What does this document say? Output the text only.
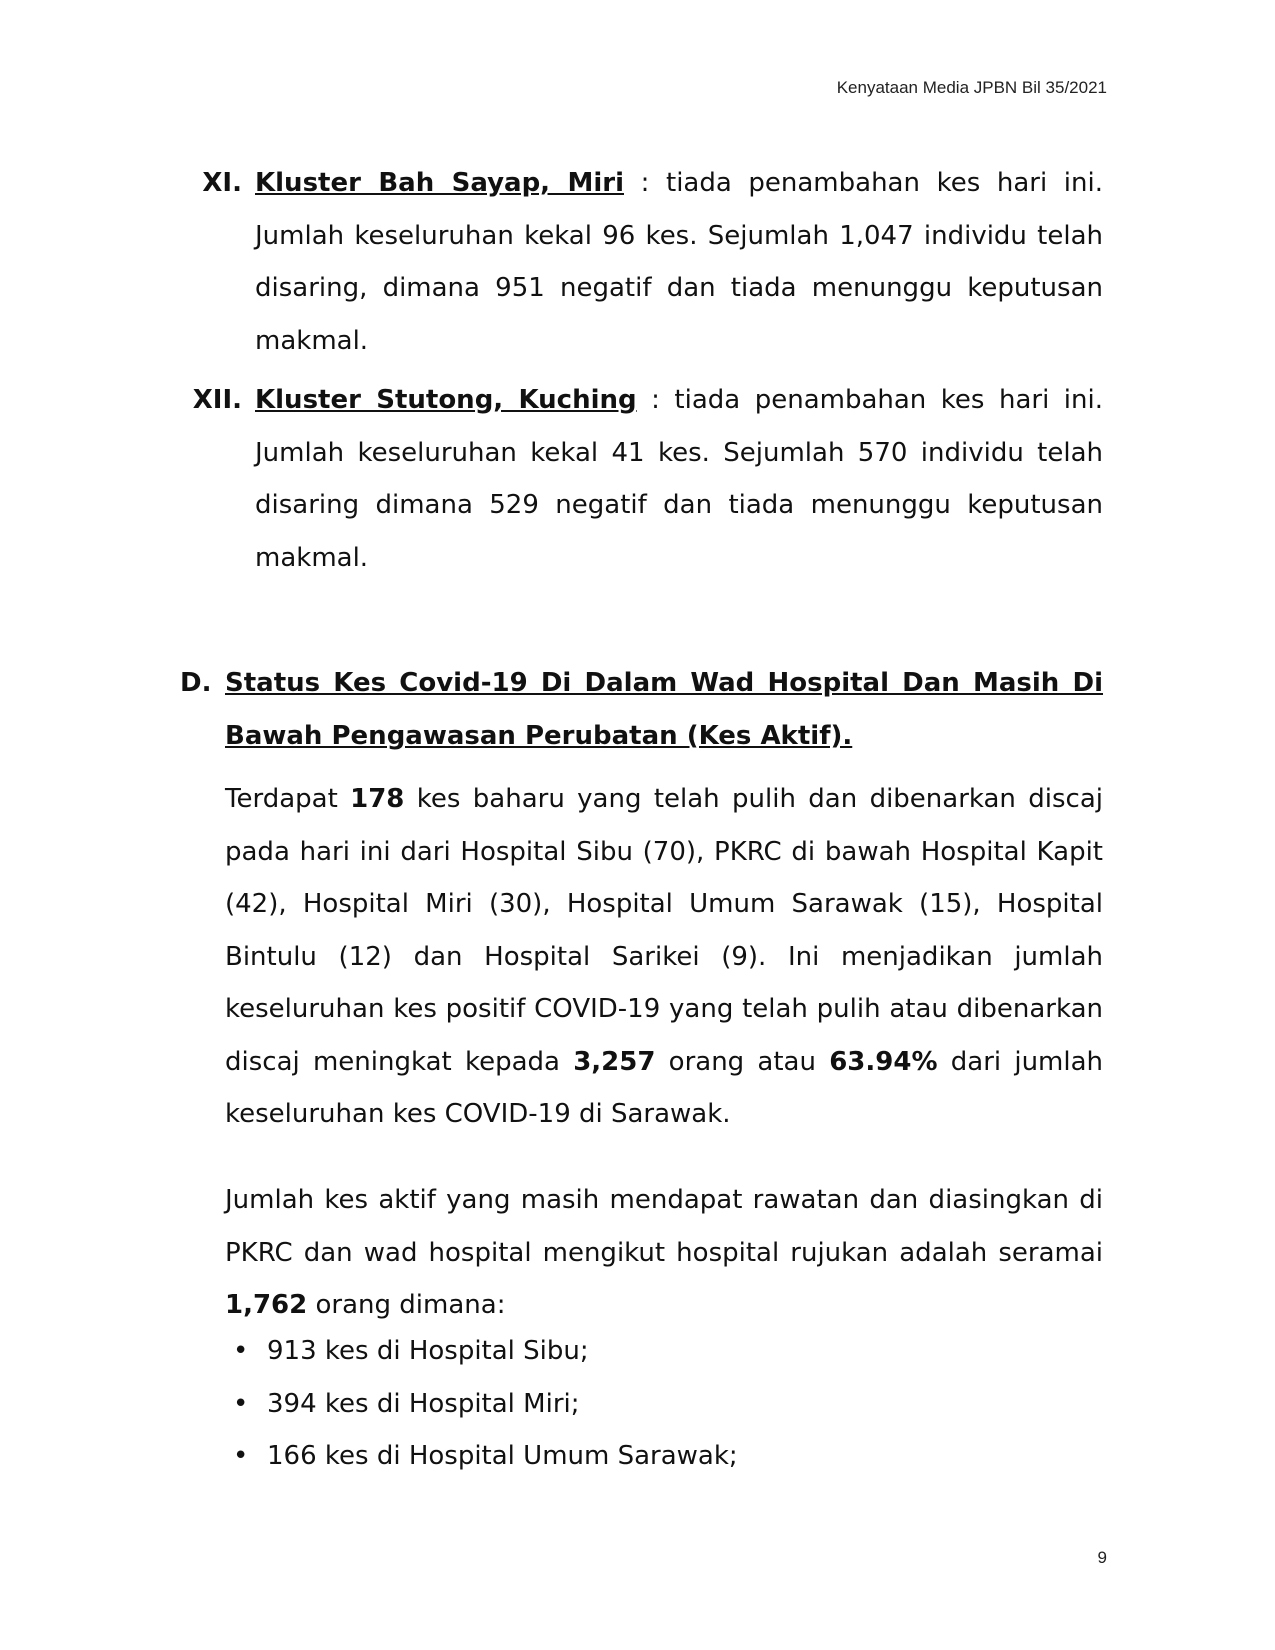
Kenyataan Media JPBN Bil 35/2021
XI. Kluster Bah Sayap, Miri : tiada penambahan kes hari ini. Jumlah keseluruhan kekal 96 kes. Sejumlah 1,047 individu telah disaring, dimana 951 negatif dan tiada menunggu keputusan makmal.
XII. Kluster Stutong, Kuching : tiada penambahan kes hari ini. Jumlah keseluruhan kekal 41 kes. Sejumlah 570 individu telah disaring dimana 529 negatif dan tiada menunggu keputusan makmal.
D. Status Kes Covid-19 Di Dalam Wad Hospital Dan Masih Di Bawah Pengawasan Perubatan (Kes Aktif).
Terdapat 178 kes baharu yang telah pulih dan dibenarkan discaj pada hari ini dari Hospital Sibu (70), PKRC di bawah Hospital Kapit (42), Hospital Miri (30), Hospital Umum Sarawak (15), Hospital Bintulu (12) dan Hospital Sarikei (9). Ini menjadikan jumlah keseluruhan kes positif COVID-19 yang telah pulih atau dibenarkan discaj meningkat kepada 3,257 orang atau 63.94% dari jumlah keseluruhan kes COVID-19 di Sarawak.
Jumlah kes aktif yang masih mendapat rawatan dan diasingkan di PKRC dan wad hospital mengikut hospital rujukan adalah seramai 1,762 orang dimana:
• 913 kes di Hospital Sibu;
• 394 kes di Hospital Miri;
• 166 kes di Hospital Umum Sarawak;
9
